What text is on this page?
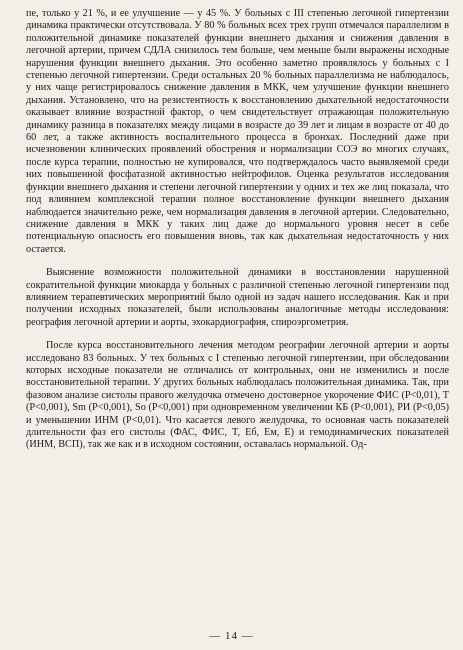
пе, только у 21 %, и ее улучшение — у 45 %. У больных с III степенью легочной гипертензии динамика практически отсутствовала. У 80 % больных всех трех групп отмечался параллелизм в положительной динамике показателей функции внешнего дыхания и снижения давления в легочной артерии, причем СДЛА снизилось тем больше, чем меньше были выражены исходные нарушения функции внешнего дыхания. Это особенно заметно проявлялось у больных с I степенью легочной гипертензии. Среди остальных 20 % больных параллелизма не наблюдалось, у них чаще регистрировалось снижение давления в МКК, чем улучшение функции внешнего дыхания. Установлено, что на резистентность к восстановлению дыхательной недостаточности оказывает влияние возрастной фактор, о чем свидетельствует отражающая положительную динамику разница в показателях между лицами в возрасте до 39 лет и лицам в возрасте от 40 до 60 лет, а также активность воспалительного процесса в бронхах. Последний даже при исчезновении клинических проявлений обострения и нормализации СОЭ во многих случаях, после курса терапии, полностью не купировался, что подтверждалось часто выявляемой среди них повышенной фосфатазной активностью нейтрофилов. Оценка результатов исследования функции внешнего дыхания и степени легочной гипертензии у одних и тех же лиц показала, что под влиянием комплексной терапии полное восстановление функции внешнего дыхания наблюдается значительно реже, чем нормализация давления в легочной артерии. Следовательно, снижение давления в МКК у таких лиц даже до нормального уровня несет в себе потенциальную опасность его повышения вновь, так как дыхательная недостаточность у них остается.

Выяснение возможности положительной динамики в восстановлении нарушенной сократительной функции миокарда у больных с различной степенью легочной гипертензии под влиянием терапевтических мероприятий было одной из задач нашего исследования. Как и при получении исходных показателей, были использованы аналогичные методы исследования: реография легочной артерии и аорты, эхокардиография, спироэргометрия.

После курса восстановительного лечения методом реографии легочной артерии и аорты исследовано 83 больных. У тех больных с I степенью легочной гипертензии, при обследовании которых исходные показатели не отличались от контрольных, они не изменились и после восстановительной терапии. У других больных наблюдалась положительная динамика. Так, при фазовом анализе систолы правого желудочка отмечено достоверное укорочение ФИС (P<0,01), T (P<0,001), Sm (P<0,001), So (P<0,001) при одновременном увеличении КБ (P<0,001), РИ (P<0,05) и уменьшении ИНМ (P<0,01). Что касается левого желудочка, то основная часть показателей длительности фаз его систолы (ФАС, ФИС, T, Еб, Ем, Е) и гемодинамических показателей (ИНМ, ВСП), так же как и в исходном состоянии, оставалась нормальной. Од-

— 14 —
